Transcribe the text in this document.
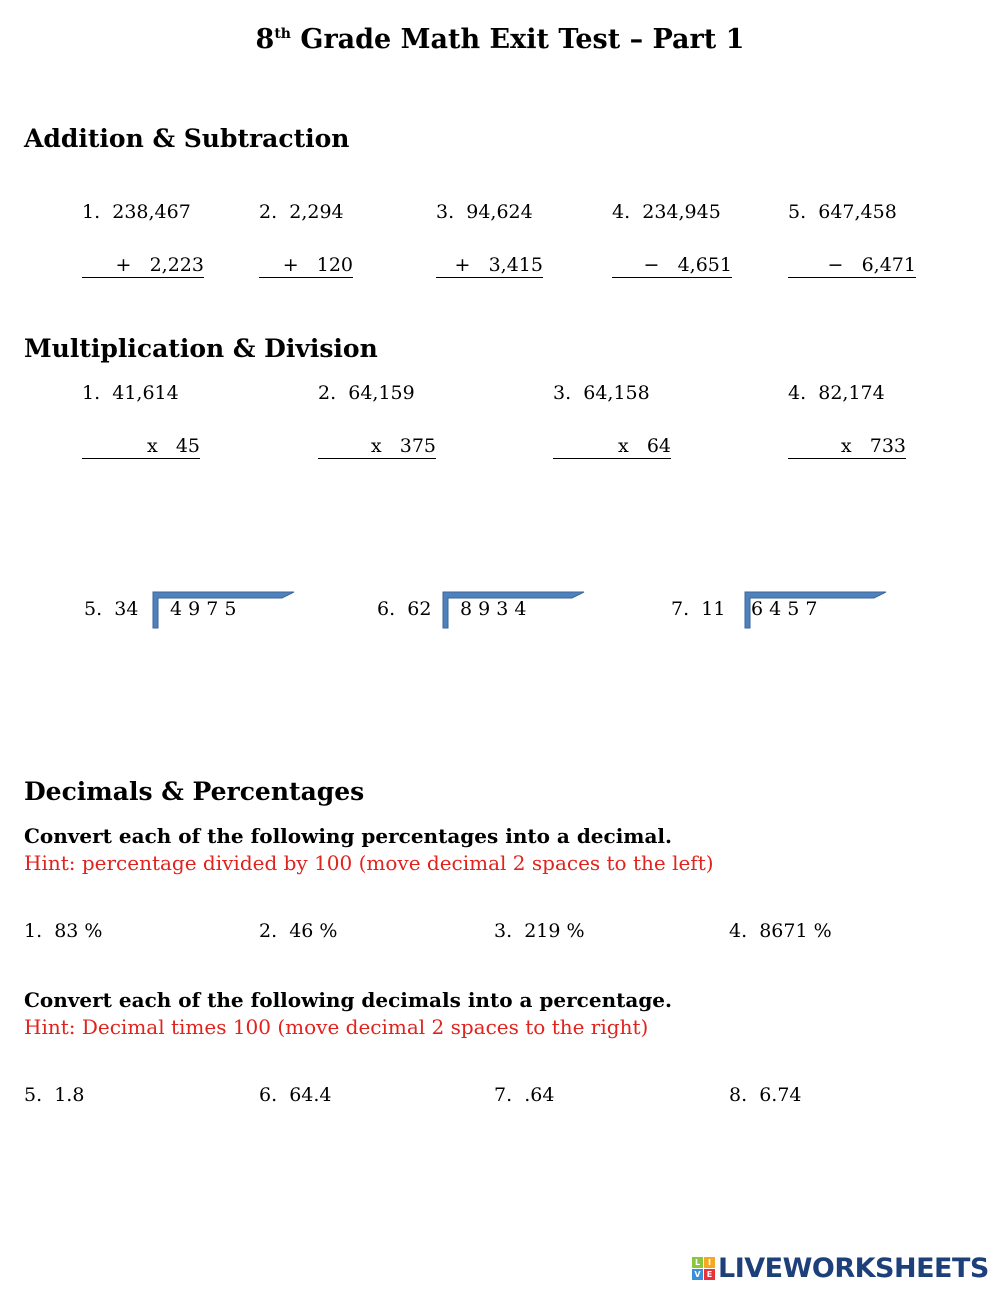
8th Grade Math Exit Test – Part 1
Addition & Subtraction
1. 238,467

+ 2,223
2. 2,294

+ 120
3. 94,624

+ 3,415
4. 234,945

− 4,651
5. 647,458

− 6,471
Multiplication & Division
1. 41,614

x 45
2. 64,159

x 375
3. 64,158

x 64
4. 82,174

x 733
5. 34 4 9 7 5	6. 62 8 9 3 4	7. 11 6 4 5 7
Decimals & Percentages
Convert each of the following percentages into a decimal.
Hint: percentage divided by 100 (move decimal 2 spaces to the left)
1.  83 %	2.  46 %	3.  219 %	4.  8671 %
Convert each of the following decimals into a percentage.
Hint: Decimal times 100 (move decimal 2 spaces to the right)
5.  1.8	6.  64.4	7.  .64	8.  6.74
L I
V E LIVEWORKSHEETS
